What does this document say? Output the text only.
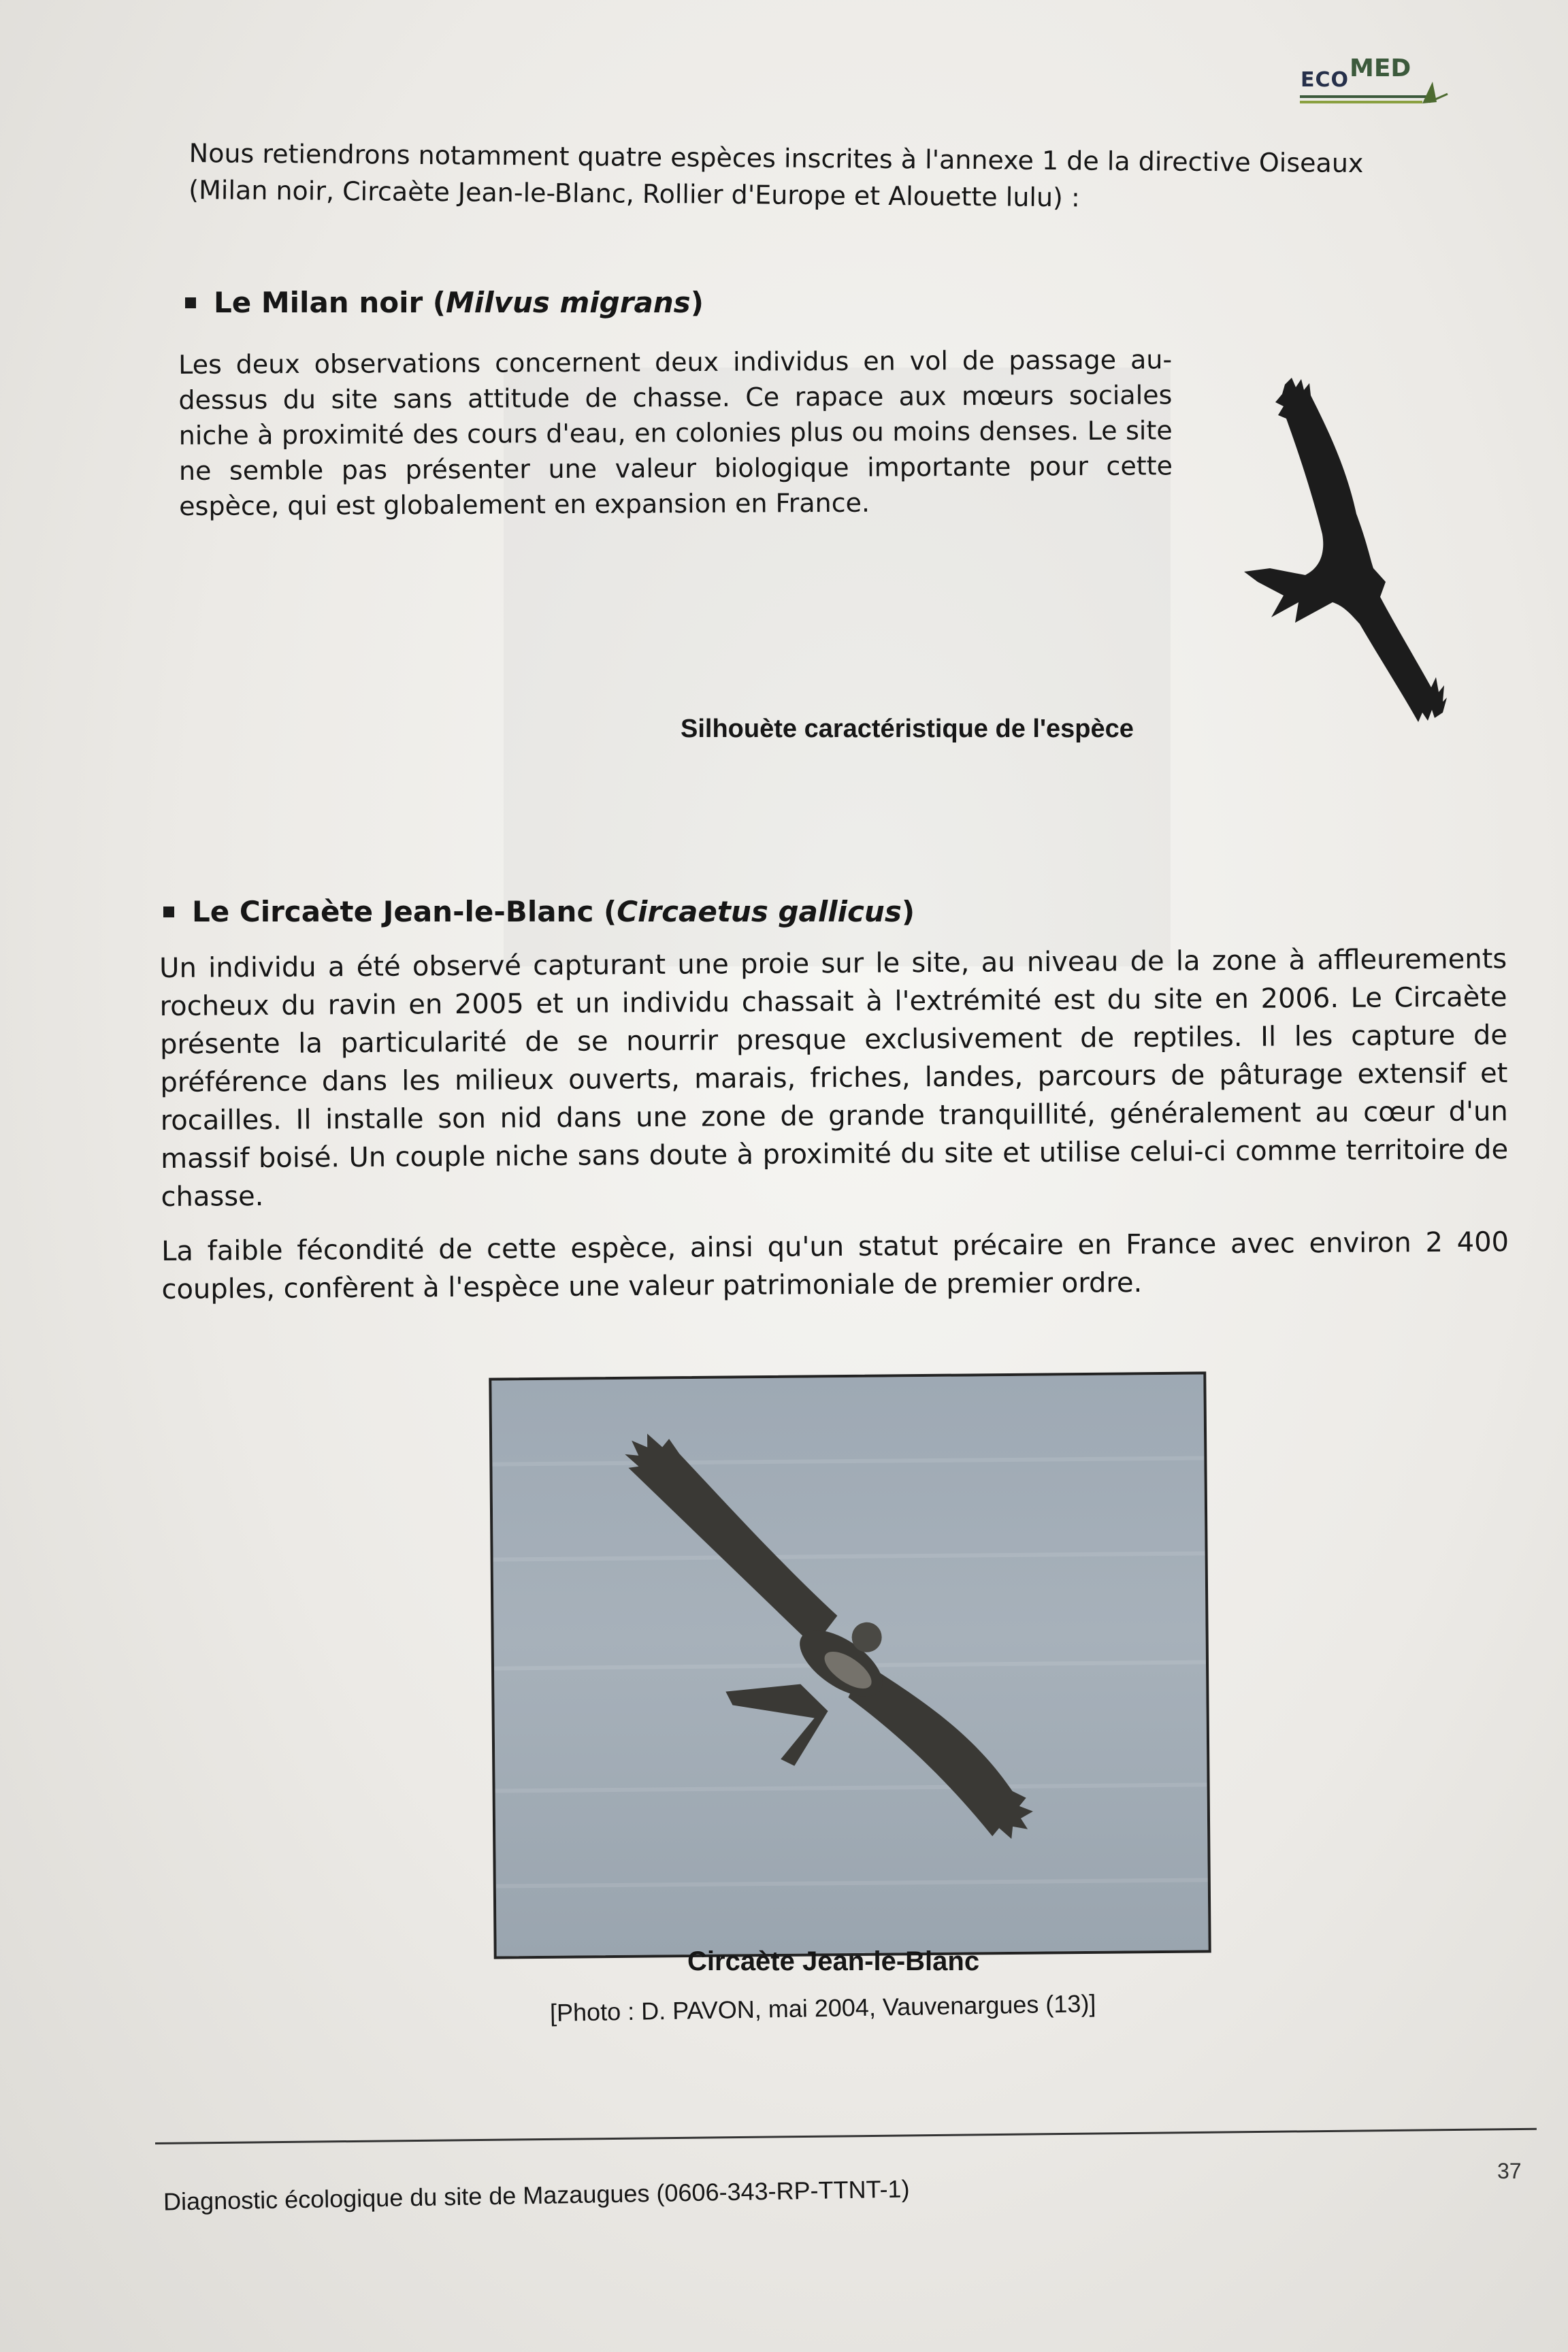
ECO MED
Nous retiendrons notamment quatre espèces inscrites à l'annexe 1 de la directive Oiseaux (Milan noir, Circaète Jean-le-Blanc, Rollier d'Europe et Alouette lulu) :
Le Milan noir (Milvus migrans)
Les deux observations concernent deux individus en vol de passage au-dessus du site sans attitude de chasse. Ce rapace aux mœurs sociales niche à proximité des cours d'eau, en colonies plus ou moins denses. Le site ne semble pas présenter une valeur biologique importante pour cette espèce, qui est globalement en expansion en France.
Silhouète caractéristique de l'espèce
Le Circaète Jean-le-Blanc (Circaetus gallicus)

Un individu a été observé capturant une proie sur le site, au niveau de la zone à affleurements rocheux du ravin en 2005 et un individu chassait à l'extrémité est du site en 2006. Le Circaète présente la particularité de se nourrir presque exclusivement de reptiles. Il les capture de préférence dans les milieux ouverts, marais, friches, landes, parcours de pâturage extensif et rocailles. Il installe son nid dans une zone de grande tranquillité, généralement au cœur d'un massif boisé. Un couple niche sans doute à proximité du site et utilise celui-ci comme territoire de chasse.

La faible fécondité de cette espèce, ainsi qu'un statut précaire en France avec environ 2 400 couples, confèrent à l'espèce une valeur patrimoniale de premier ordre.

Circaète Jean-le-Blanc
[Photo : D. PAVON, mai 2004, Vauvenargues (13)]
Diagnostic écologique du site de Mazaugues (0606-343-RP-TTNT-1)
37
